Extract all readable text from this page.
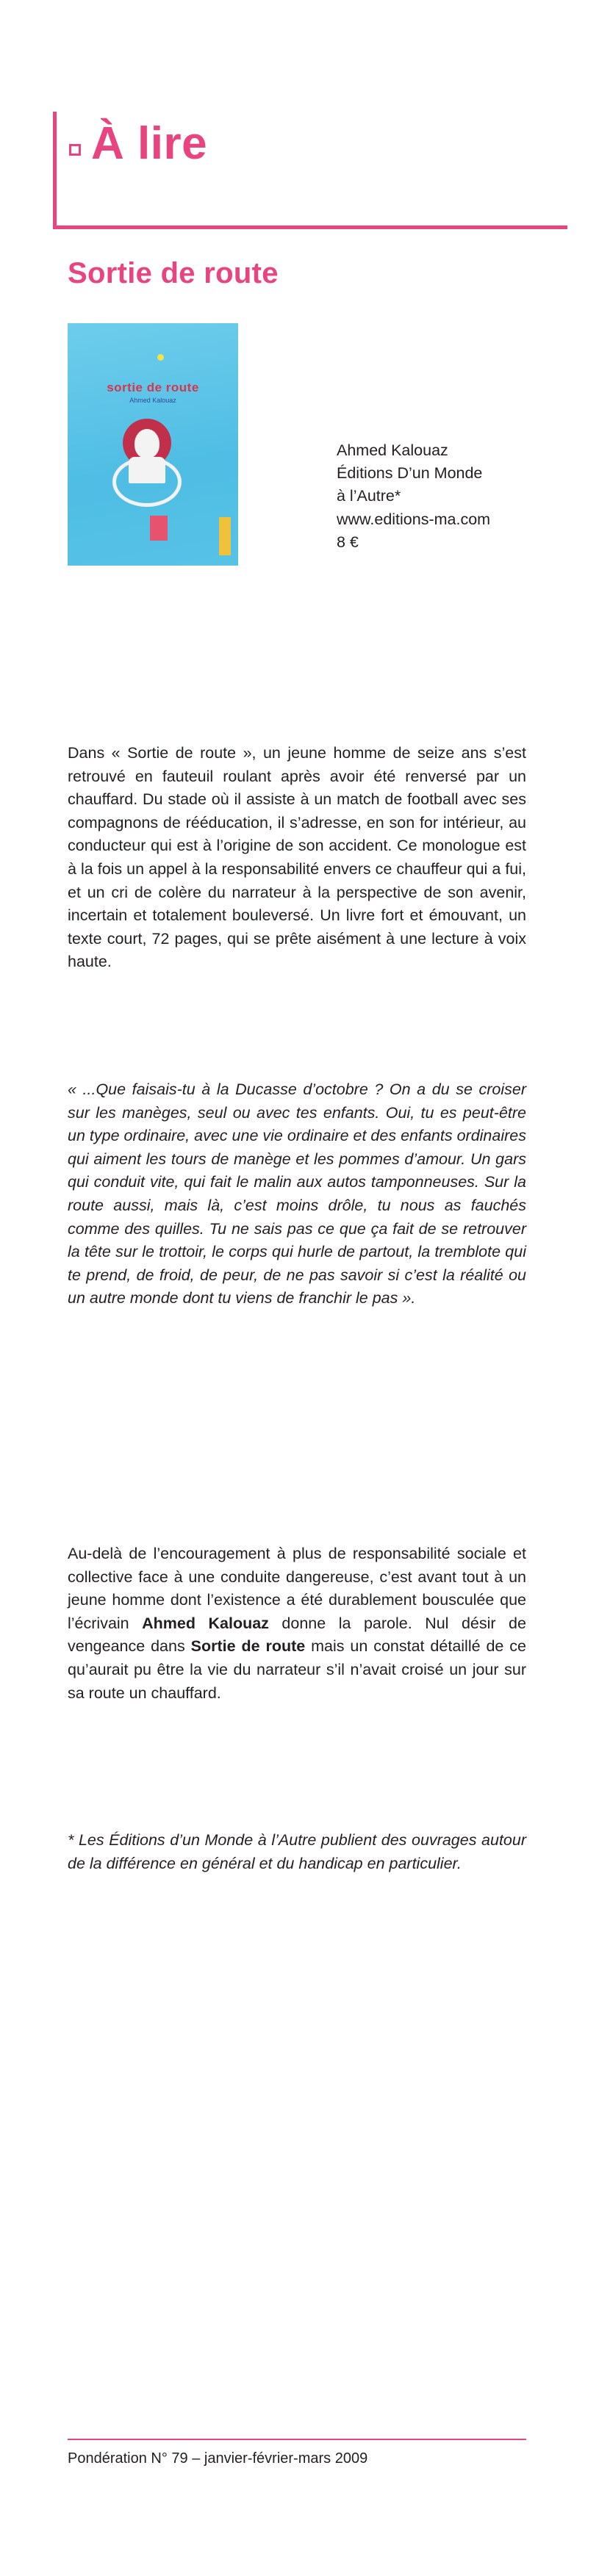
À lire
Sortie de route
sortie de route
Ahmed Kalouaz
Ahmed Kalouaz
Éditions D’un Monde
à l’Autre*
www.editions-ma.com
8 €

Dans « Sortie de route », un jeune homme de seize ans s’est retrouvé en fauteuil roulant après avoir été renversé par un chauffard. Du stade où il assiste à un match de football avec ses compagnons de rééducation, il s’adresse, en son for intérieur, au conducteur qui est à l’origine de son accident. Ce monologue est à la fois un appel à la responsabilité envers ce chauffeur qui a fui, et un cri de colère du narrateur à la perspective de son avenir, incertain et totalement bouleversé. Un livre fort et émouvant, un texte court, 72 pages, qui se prête aisément à une lecture à voix haute.

« ...Que faisais-tu à la Ducasse d’octobre ? On a du se croiser sur les manèges, seul ou avec tes enfants. Oui, tu es peut-être un type ordinaire, avec une vie ordinaire et des enfants ordinaires qui aiment les tours de manège et les pommes d’amour. Un gars qui conduit vite, qui fait le malin aux autos tamponneuses. Sur la route aussi, mais là, c’est moins drôle, tu nous as fauchés comme des quilles. Tu ne sais pas ce que ça fait de se retrouver la tête sur le trottoir, le corps qui hurle de partout, la tremblote qui te prend, de froid, de peur, de ne pas savoir si c’est la réalité ou un autre monde dont tu viens de franchir le pas ».

Au-delà de l’encouragement à plus de responsabilité sociale et collective face à une conduite dangereuse, c’est avant tout à un jeune homme dont l’existence a été durablement bousculée que l’écrivain Ahmed Kalouaz donne la parole. Nul désir de vengeance dans Sortie de route mais un constat détaillé de ce qu’aurait pu être la vie du narrateur s’il n’avait croisé un jour sur sa route un chauffard.

* Les Éditions d’un Monde à l’Autre publient des ouvrages autour de la différence en général et du handicap en particulier.

Pondération N° 79 – janvier-février-mars 2009
